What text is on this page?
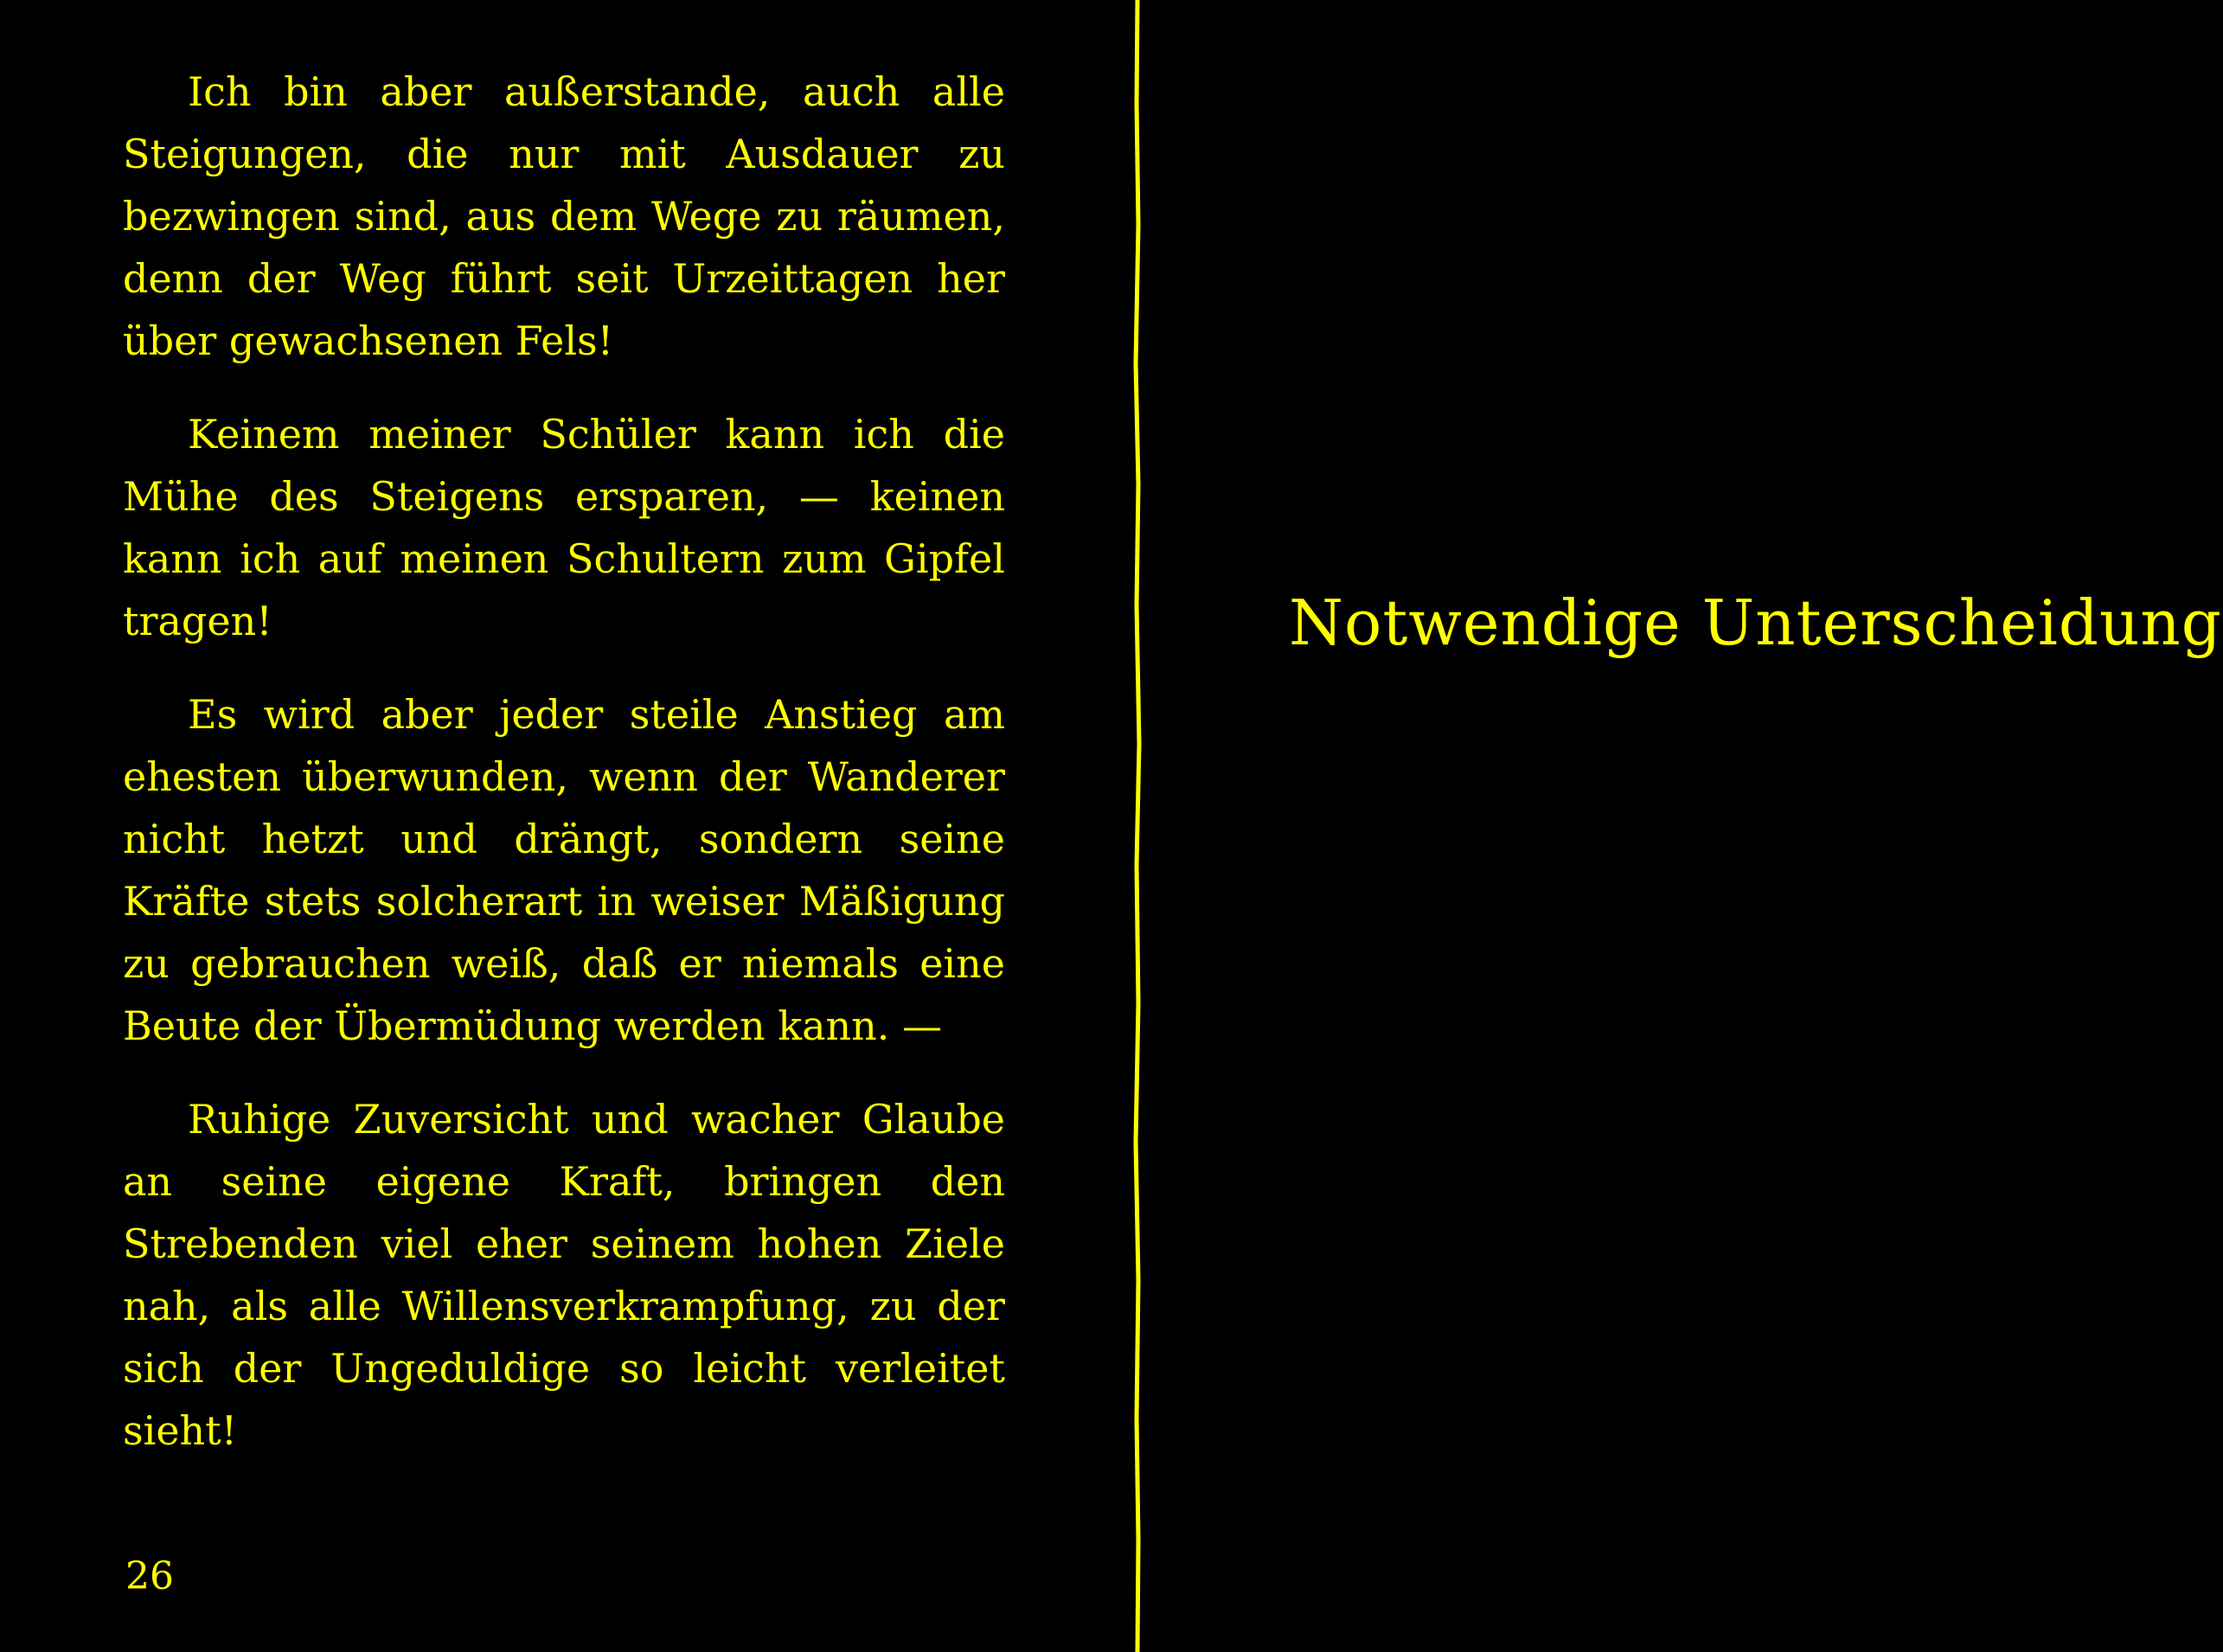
Ich bin aber außerstande, auch alle Steigungen, die nur mit Ausdauer zu bezwingen sind, aus dem Wege zu räumen, denn der Weg führt seit Urzeittagen her über gewachsenen Fels!

Keinem meiner Schüler kann ich die Mühe des Steigens ersparen, — keinen kann ich auf meinen Schultern zum Gipfel tragen!

Es wird aber jeder steile Anstieg am ehesten überwunden, wenn der Wanderer nicht hetzt und drängt, sondern seine Kräfte stets solcherart in weiser Mäßigung zu gebrauchen weiß, daß er niemals eine Beute der Übermüdung werden kann. —

Ruhige Zuversicht und wacher Glaube an seine eigene Kraft, bringen den Strebenden viel eher seinem hohen Ziele nah, als alle Willensverkrampfung, zu der sich der Ungeduldige so leicht verleitet sieht!

26
Notwendige Unterscheidung
